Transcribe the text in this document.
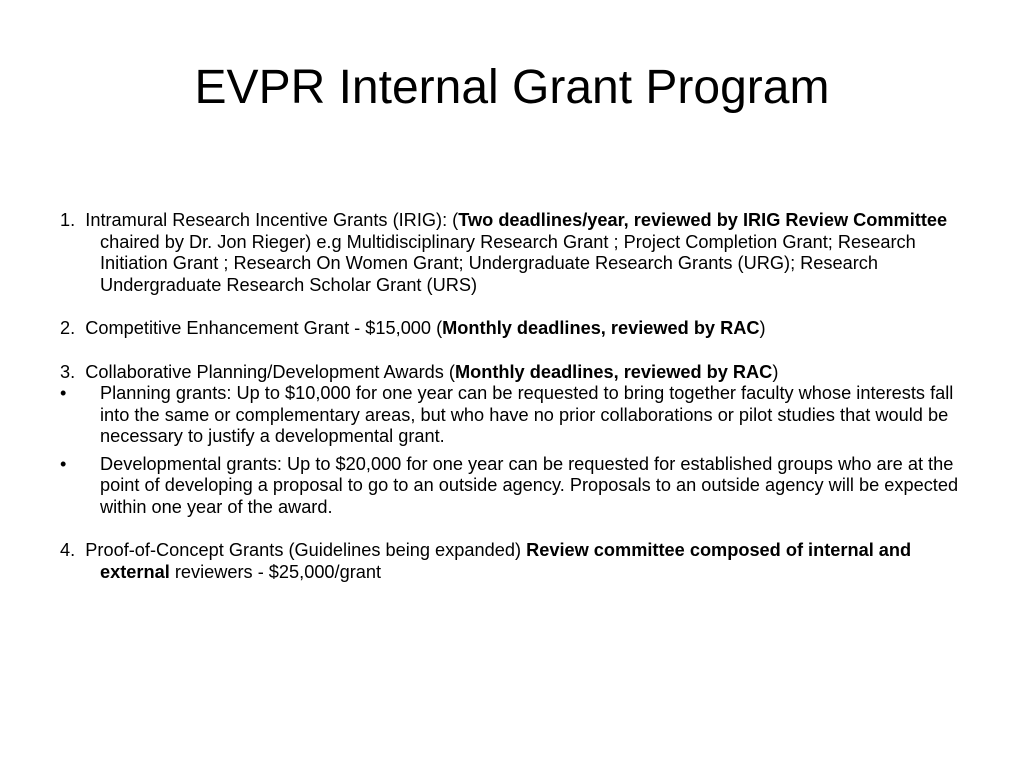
EVPR Internal Grant Program

1. Intramural Research Incentive Grants (IRIG): (Two deadlines/year, reviewed by IRIG Review Committee chaired by Dr. Jon Rieger) e.g Multidisciplinary Research Grant ; Project Completion Grant; Research Initiation Grant ; Research On Women Grant; Undergraduate Research Grants (URG); Research Undergraduate Research Scholar Grant (URS)

2. Competitive Enhancement Grant - $15,000 (Monthly deadlines, reviewed by RAC)

3. Collaborative Planning/Development Awards (Monthly deadlines, reviewed by RAC)

• Planning grants: Up to $10,000 for one year can be requested to bring together faculty whose interests fall into the same or complementary areas, but who have no prior collaborations or pilot studies that would be necessary to justify a developmental grant.

• Developmental grants: Up to $20,000 for one year can be requested for established groups who are at the point of developing a proposal to go to an outside agency. Proposals to an outside agency will be expected within one year of the award.

4. Proof-of-Concept Grants (Guidelines being expanded) Review committee composed of internal and external reviewers - $25,000/grant
